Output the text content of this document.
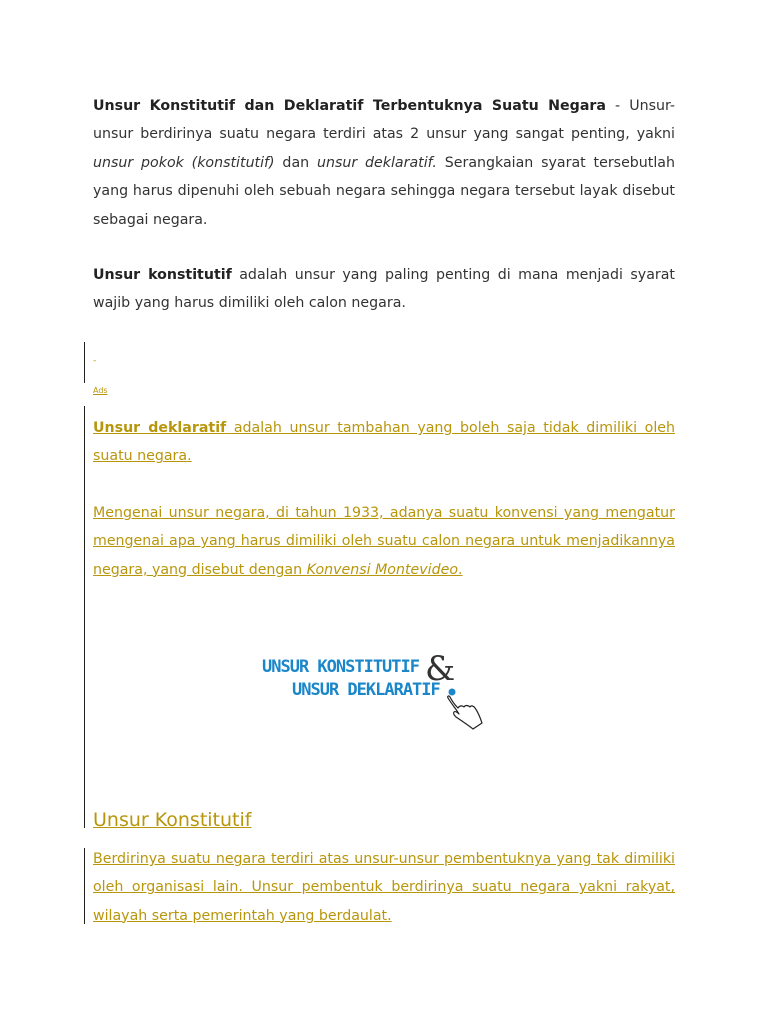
Unsur Konstitutif dan Deklaratif Terbentuknya Suatu Negara - Unsur-unsur berdirinya suatu negara terdiri atas 2 unsur yang sangat penting, yakni unsur pokok (konstitutif) dan unsur deklaratif. Serangkaian syarat tersebutlah yang harus dipenuhi oleh sebuah negara sehingga negara tersebut layak disebut sebagai negara.

Unsur konstitutif adalah unsur yang paling penting di mana menjadi syarat wajib yang harus dimiliki oleh calon negara.

-
Ads

Unsur deklaratif adalah unsur tambahan yang boleh saja tidak dimiliki oleh suatu negara.

Mengenai unsur negara, di tahun 1933, adanya suatu konvensi yang mengatur mengenai apa yang harus dimiliki oleh suatu calon negara untuk menjadikannya negara, yang disebut dengan Konvensi Montevideo.

UNSUR KONSTITUTIF
UNSUR DEKLARATIF
&
Unsur Konstitutif

Berdirinya suatu negara terdiri atas unsur-unsur pembentuknya yang tak dimiliki oleh organisasi lain. Unsur pembentuk berdirinya suatu negara yakni rakyat, wilayah serta pemerintah yang berdaulat.
